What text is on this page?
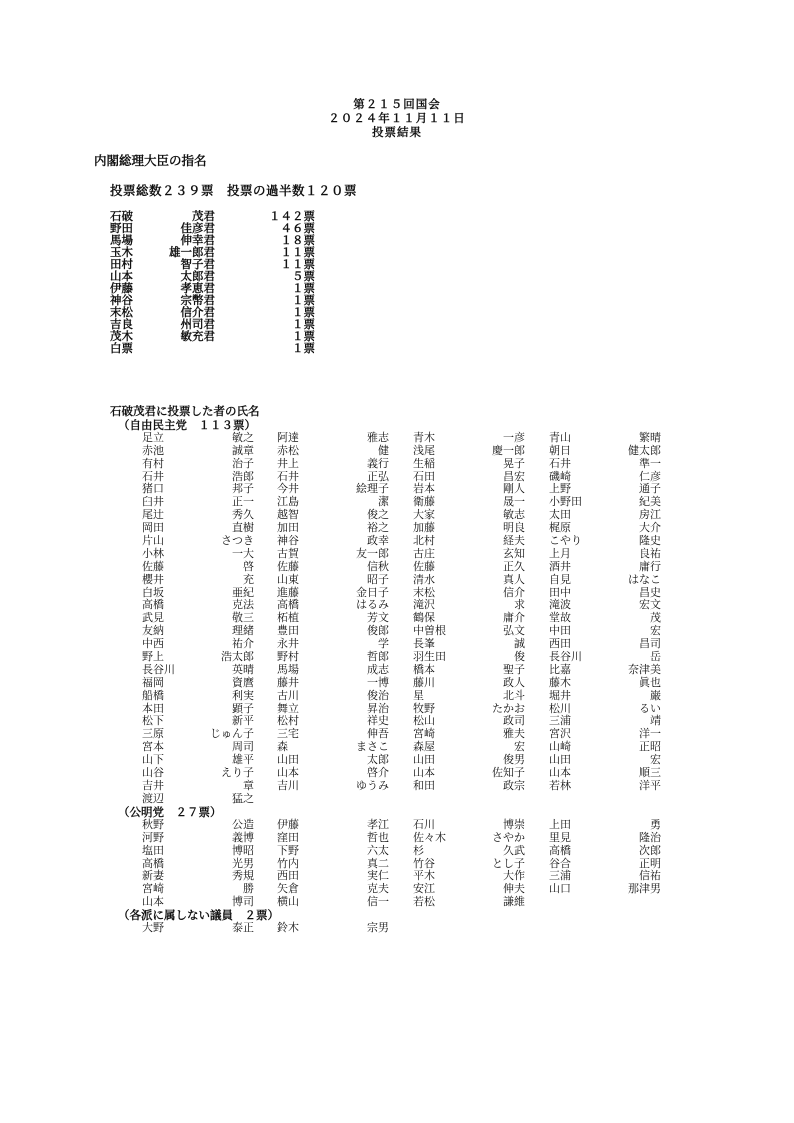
第２１５回国会
２０２４年１１月１１日
投票結果
内閣総理大臣の指名
投票総数２３９票　投票の過半数１２０票
石破	茂君	１４２票
野田	佳彦君	４６票
馬場	伸幸君	１８票
玉木	雄一郎君	１１票
田村	智子君	１１票
山本	太郎君	５票
伊藤	孝恵君	１票
神谷	宗幣君	１票
末松	信介君	１票
吉良	州司君	１票
茂木	敏充君	１票
白票	１票
石破茂君に投票した者の氏名
（自由民主党　１１３票）
足立	敏之 阿達	雅志 青木	一彦 青山	繁晴
赤池	誠章 赤松	健 浅尾	慶一郎 朝日	健太郎
有村	治子 井上	義行 生稲	晃子 石井	準一
石井	浩郎 石井	正弘 石田	昌宏 磯崎	仁彦
猪口	邦子 今井	絵理子 岩本	剛人 上野	通子
臼井	正一 江島	潔 衛藤	晟一 小野田	紀美
尾辻	秀久 越智	俊之 大家	敏志 太田	房江
岡田	直樹 加田	裕之 加藤	明良 梶原	大介
片山	さつき 神谷	政幸 北村	経夫 こやり	隆史
小林	一大 古賀	友一郎 古庄	玄知 上月	良祐
佐藤	啓 佐藤	信秋 佐藤	正久 酒井	庸行
櫻井	充 山東	昭子 清水	真人 自見	はなこ
白坂	亜紀 進藤	金日子 末松	信介 田中	昌史
高橋	克法 高橋	はるみ 滝沢	求 滝波	宏文
武見	敬三 柘植	芳文 鶴保	庸介 堂故	茂
友納	理緒 豊田	俊郎 中曽根	弘文 中田	宏
中西	祐介 永井	学 長峯	誠 西田	昌司
野上	浩太郎 野村	哲郎 羽生田	俊 長谷川	岳
長谷川	英晴 馬場	成志 橋本	聖子 比嘉	奈津美
福岡	資麿 藤井	一博 藤川	政人 藤木	眞也
船橋	利実 古川	俊治 星	北斗 堀井	巌
本田	顕子 舞立	昇治 牧野	たかお 松川	るい
松下	新平 松村	祥史 松山	政司 三浦	靖
三原	じゅん子 三宅	伸吾 宮崎	雅夫 宮沢	洋一
宮本	周司 森	まさこ 森屋	宏 山崎	正昭
山下	雄平 山田	太郎 山田	俊男 山田	宏
山谷	えり子 山本	啓介 山本	佐知子 山本	順三
吉井	章 吉川	ゆうみ 和田	政宗 若林	洋平
渡辺	猛之
（公明党　２７票）
秋野	公造 伊藤	孝江 石川	博崇 上田	勇
河野	義博 窪田	哲也 佐々木	さやか 里見	隆治
塩田	博昭 下野	六太 杉	久武 高橋	次郎
高橋	光男 竹内	真二 竹谷	とし子 谷合	正明
新妻	秀規 西田	実仁 平木	大作 三浦	信祐
宮崎	勝 矢倉	克夫 安江	伸夫 山口	那津男
山本	博司 横山	信一 若松	謙維
（各派に属しない議員　２票）
大野	泰正 鈴木	宗男
